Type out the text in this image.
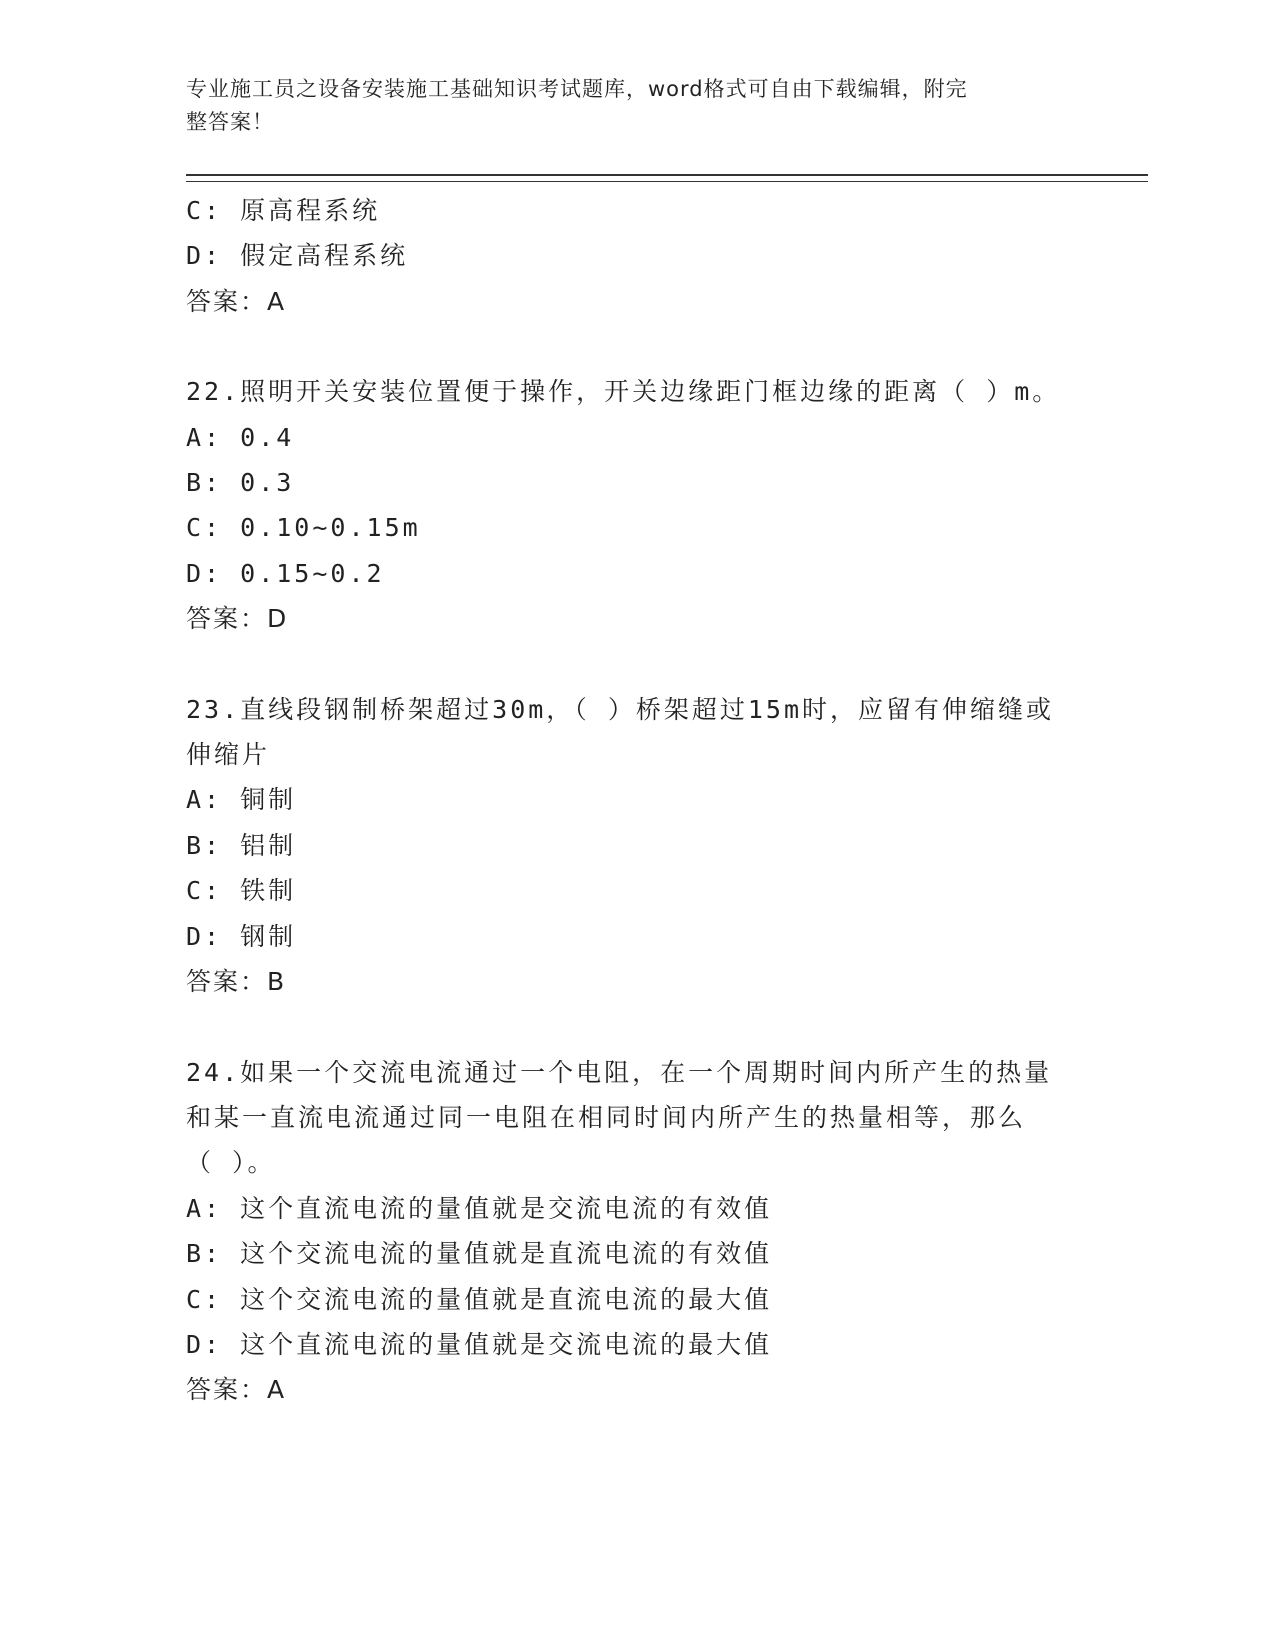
专业施工员之设备安装施工基础知识考试题库，word格式可自由下载编辑，附完
整答案！
C: 原高程系统
D: 假定高程系统
答案：A
22.照明开关安装位置便于操作，开关边缘距门框边缘的距离（ ）m。
A: 0.4
B: 0.3
C: 0.10~0.15m
D: 0.15~0.2
答案：D
23.直线段钢制桥架超过30m，（ ）桥架超过15m时，应留有伸缩缝或
伸缩片
A: 铜制
B: 铝制
C: 铁制
D: 钢制
答案：B
24.如果一个交流电流通过一个电阻，在一个周期时间内所产生的热量
和某一直流电流通过同一电阻在相同时间内所产生的热量相等，那么
（ ）。
A: 这个直流电流的量值就是交流电流的有效值
B: 这个交流电流的量值就是直流电流的有效值
C: 这个交流电流的量值就是直流电流的最大值
D: 这个直流电流的量值就是交流电流的最大值
答案：A
